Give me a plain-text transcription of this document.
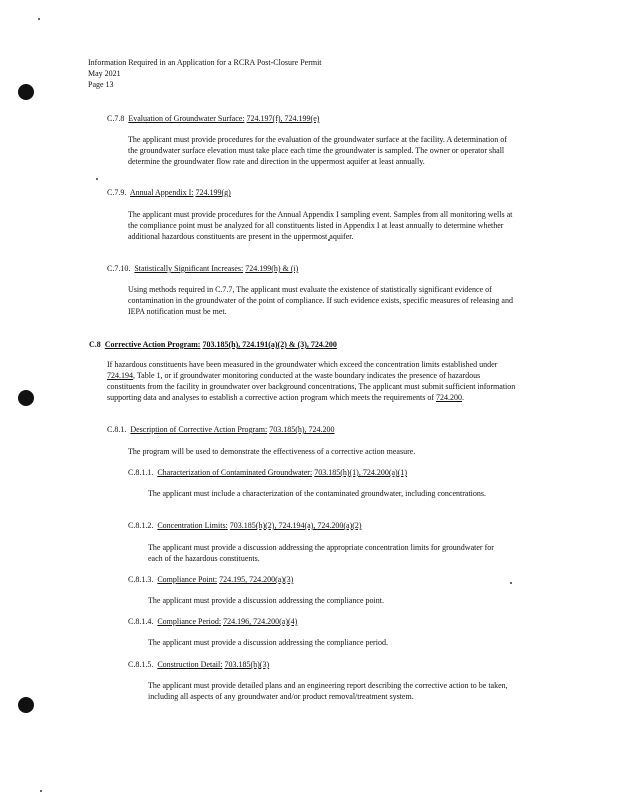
Information Required in an Application for a RCRA Post-Closure Permit
May 2021
Page 13
C.7.8 Evaluation of Groundwater Surface: 724.197(f), 724.199(e)

The applicant must provide procedures for the evaluation of the groundwater surface at the facility. A determination of the groundwater surface elevation must take place each time the groundwater is sampled. The owner or operator shall determine the groundwater flow rate and direction in the uppermost aquifer at least annually.

C.7.9. Annual Appendix I: 724.199(g)

The applicant must provide procedures for the Annual Appendix I sampling event. Samples from all monitoring wells at the compliance point must be analyzed for all constituents listed in Appendix I at least annually to determine whether additional hazardous constituents are present in the uppermost aquifer.

C.7.10. Statistically Significant Increases: 724.199(h) & (i)

Using methods required in C.7.7, The applicant must evaluate the existence of statistically significant evidence of contamination in the groundwater of the point of compliance. If such evidence exists, specific measures of releasing and IEPA notification must be met.

C.8 Corrective Action Program: 703.185(h), 724.191(a)(2) & (3), 724.200

If hazardous constituents have been measured in the groundwater which exceed the concentration limits established under 724.194, Table 1, or if groundwater monitoring conducted at the waste boundary indicates the presence of hazardous constituents from the facility in groundwater over background concentrations, The applicant must submit sufficient information supporting data and analyses to establish a corrective action program which meets the requirements of 724.200.

C.8.1. Description of Corrective Action Program: 703.185(h), 724.200

The program will be used to demonstrate the effectiveness of a corrective action measure.

C.8.1.1. Characterization of Contaminated Groundwater: 703.185(h)(1), 724.200(a)(1)

The applicant must include a characterization of the contaminated groundwater, including concentrations.

C.8.1.2. Concentration Limits: 703.185(h)(2), 724.194(a), 724.200(a)(2)

The applicant must provide a discussion addressing the appropriate concentration limits for groundwater for each of the hazardous constituents.

C.8.1.3. Compliance Point: 724.195, 724.200(a)(3)

The applicant must provide a discussion addressing the compliance point.

C.8.1.4. Compliance Period: 724.196, 724.200(a)(4)

The applicant must provide a discussion addressing the compliance period.

C.8.1.5. Construction Detail: 703.185(h)(3)

The applicant must provide detailed plans and an engineering report describing the corrective action to be taken, including all aspects of any groundwater and/or product removal/treatment system.
